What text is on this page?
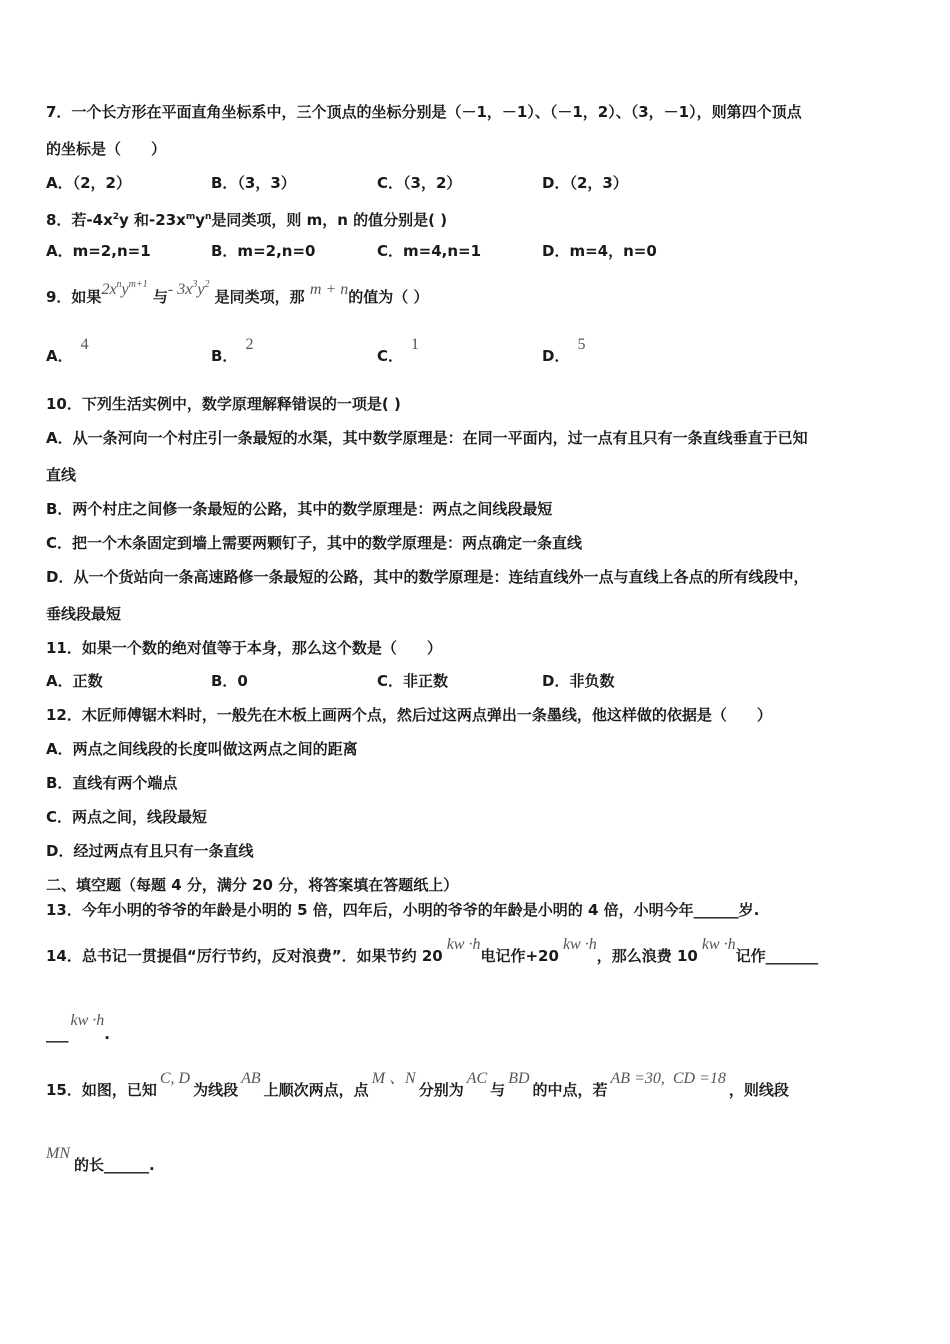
7．一个长方形在平面直角坐标系中，三个顶点的坐标分别是（－1，－1）、（－1，2）、（3，－1），则第四个顶点
的坐标是（　　）
A．（2，2）	B．（3，3）	C．（3，2）	D．（2，3）
8．若$-4x^2y$ 和$-23x^my^n$是同类项，则 m，n 的值分别是( )
A．m=2,n=1	B．m=2,n=0	C．m=4,n=1	D．m=4，n=0
9．如果$2x^ny^{m+1}$ 与- $3x^3y^2$ 是同类项，那 m + n的值为（ ）
A．4
B．2
C．1
D．5
10．下列生活实例中，数学原理解释错误的一项是( )
A．从一条河向一个村庄引一条最短的水渠，其中数学原理是：在同一平面内，过一点有且只有一条直线垂直于已知
直线
B．两个村庄之间修一条最短的公路，其中的数学原理是：两点之间线段最短
C．把一个木条固定到墙上需要两颗钉子，其中的数学原理是：两点确定一条直线
D．从一个货站向一条高速路修一条最短的公路，其中的数学原理是：连结直线外一点与直线上各点的所有线段中，
垂线段最短
11．如果一个数的绝对值等于本身，那么这个数是（　　）
A．正数	B．0	C．非正数	D．非负数
12．木匠师傅锯木料时，一般先在木板上画两个点，然后过这两点弹出一条墨线，他这样做的依据是（　　）
A．两点之间线段的长度叫做这两点之间的距离
B．直线有两个端点
C．两点之间，线段最短
D．经过两点有且只有一条直线
二、填空题（每题 4 分，满分 20 分，将答案填在答题纸上）
13．今年小明的爷爷的年龄是小明的 5 倍，四年后，小明的爷爷的年龄是小明的 4 倍，小明今年______岁.
14．总书记一贯提倡“厉行节约，反对浪费”．如果节约 20kw ·h电记作+20kw ·h，那么浪费 10kw ·h记作_______
___kw ·h.
15．如图，已知C, D为线段AB上顺次两点，点M 、N分别为AC与BD的中点，若AB =30,  CD =18，则线段
MN的长______.
